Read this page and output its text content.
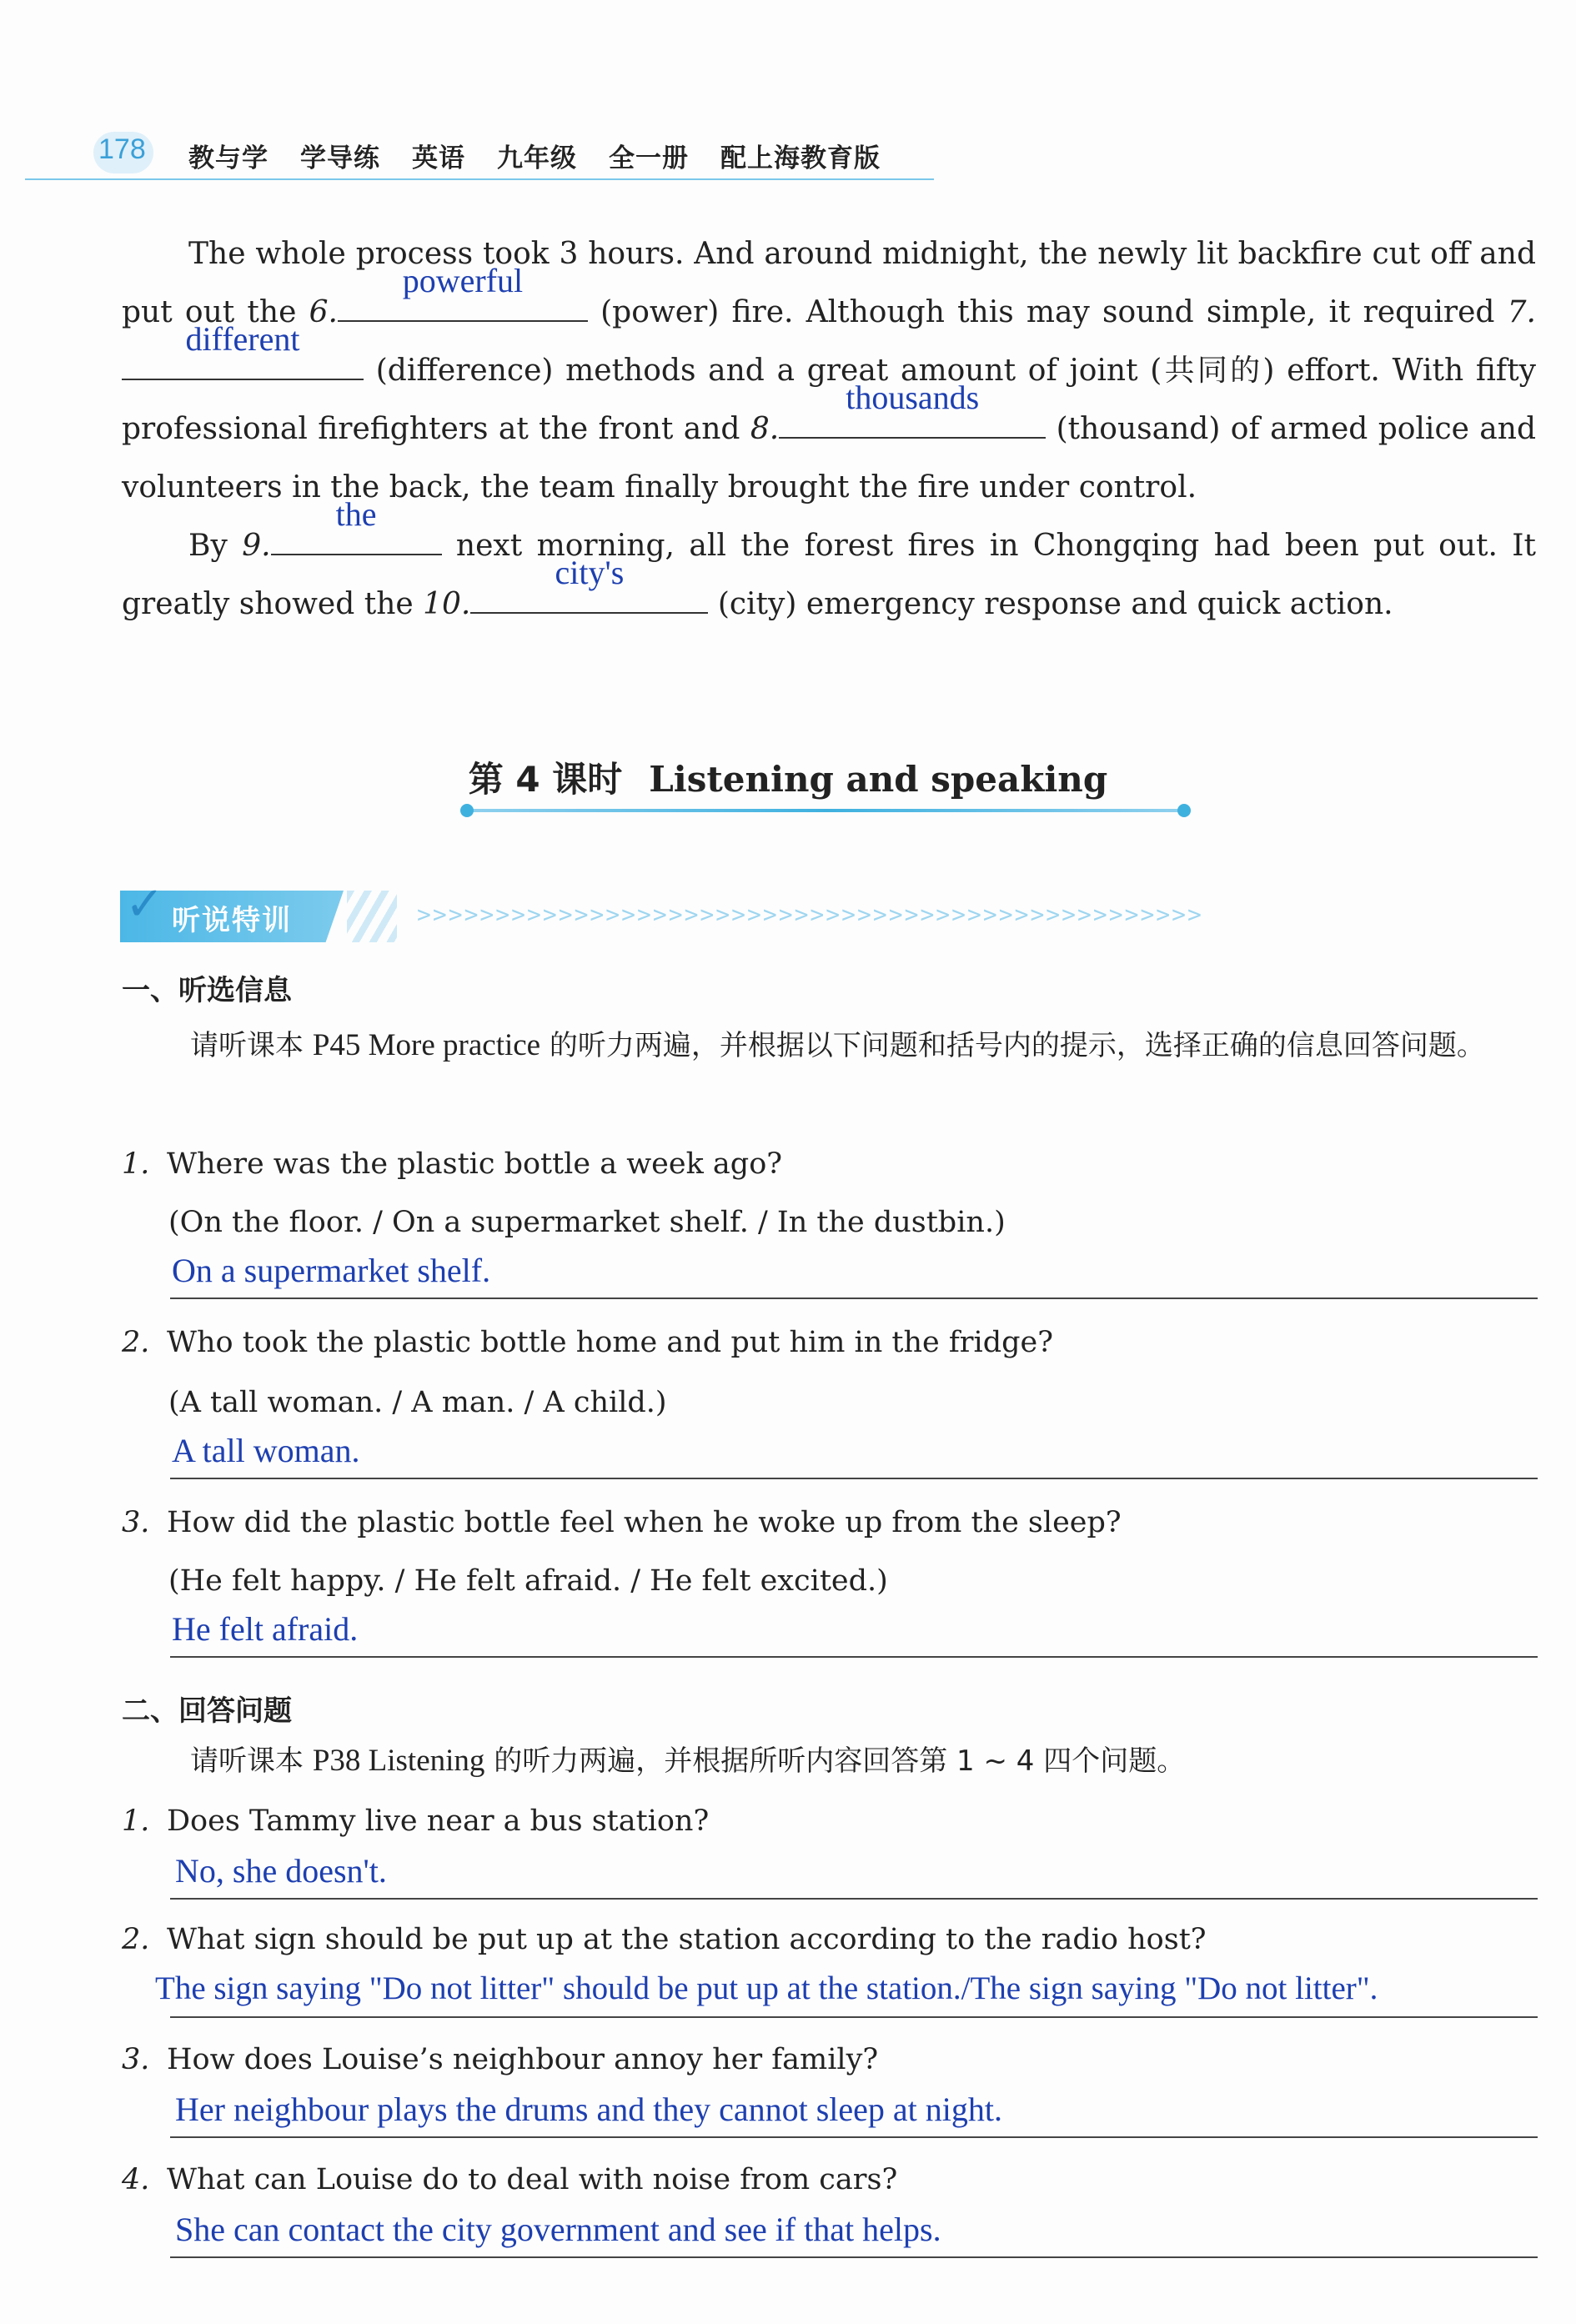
178 教与学 学导练 英语 九年级 全一册 配上海教育版
The whole process took 3 hours. And around midnight, the newly lit backfire cut off and put out the 6.
powerful
(power) fire. Although this may sound simple, it required 7.
different
(difference) methods and a great amount of joint (共同的) effort. With fifty professional firefighters at the front and 8.
thousands
(thousand) of armed police and volunteers in the back, the team finally brought the fire under control.
By 9.
the
next morning, all the forest fires in Chongqing had been put out. It greatly showed the 10.
city's
(city) emergency response and quick action.
第 4 课时 Listening and speaking
✓ 听说特训	>>>>>>>>>>>>>>>>>>>>>>>>>>>>>>>>>>>>>>>>>>>>>>>>>>
一、听选信息
请听课本 P45 More practice 的听力两遍，并根据以下问题和括号内的提示，选择正确的信息回答问题。
1. Where was the plastic bottle a week ago?
(On the floor. / On a supermarket shelf. / In the dustbin.)
On a supermarket shelf.
2. Who took the plastic bottle home and put him in the fridge?
(A tall woman. / A man. / A child.)
A tall woman.
3. How did the plastic bottle feel when he woke up from the sleep?
(He felt happy. / He felt afraid. / He felt excited.)
He felt afraid.
二、回答问题
请听课本 P38 Listening 的听力两遍，并根据所听内容回答第 1 ~ 4 四个问题。
1. Does Tammy live near a bus station?
No, she doesn't.
2. What sign should be put up at the station according to the radio host?
The sign saying "Do not litter" should be put up at the station./The sign saying "Do not litter".
3. How does Louise’s neighbour annoy her family?
Her neighbour plays the drums and they cannot sleep at night.
4. What can Louise do to deal with noise from cars?
She can contact the city government and see if that helps.
